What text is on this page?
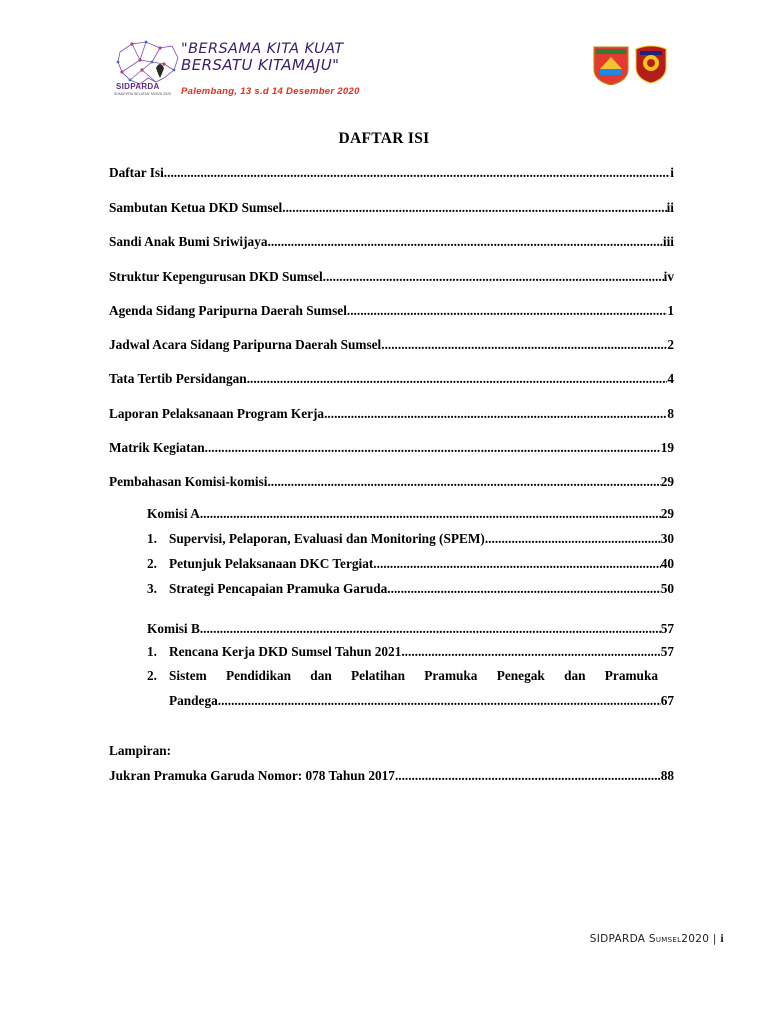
SIDPARDA
SUMATERA SELATAN TAHUN 2020
"BERSAMA KITA KUAT
BERSATU KITAMAJU"
Palembang, 13 s.d 14 Desember 2020
DAFTAR ISI
Daftar Isi .....	i
Sambutan Ketua DKD Sumsel .....	ii
Sandi Anak Bumi Sriwijaya .....	iii
Struktur Kepengurusan DKD Sumsel .....	iv
Agenda Sidang Paripurna Daerah Sumsel .....	1
Jadwal Acara Sidang Paripurna Daerah Sumsel .....	2
Tata Tertib Persidangan .....	4
Laporan Pelaksanaan Program Kerja .....	8
Matrik Kegiatan .....	19
Pembahasan Komisi-komisi .....	29
Komisi A .....	29
1. Supervisi, Pelaporan, Evaluasi dan Monitoring (SPEM) .....	30
2. Petunjuk Pelaksanaan DKC Tergiat .....	40
3. Strategi Pencapaian Pramuka Garuda .....	50
Komisi B .....	57
1. Rencana Kerja DKD Sumsel Tahun 2021 .....	57
2. Sistem Pendidikan dan Pelatihan Pramuka Penegak dan Pramuka
Pandega .....	67
Lampiran:
Jukran Pramuka Garuda Nomor: 078 Tahun 2017 .....	88
SIDPARDA Sumsel2020 | i
